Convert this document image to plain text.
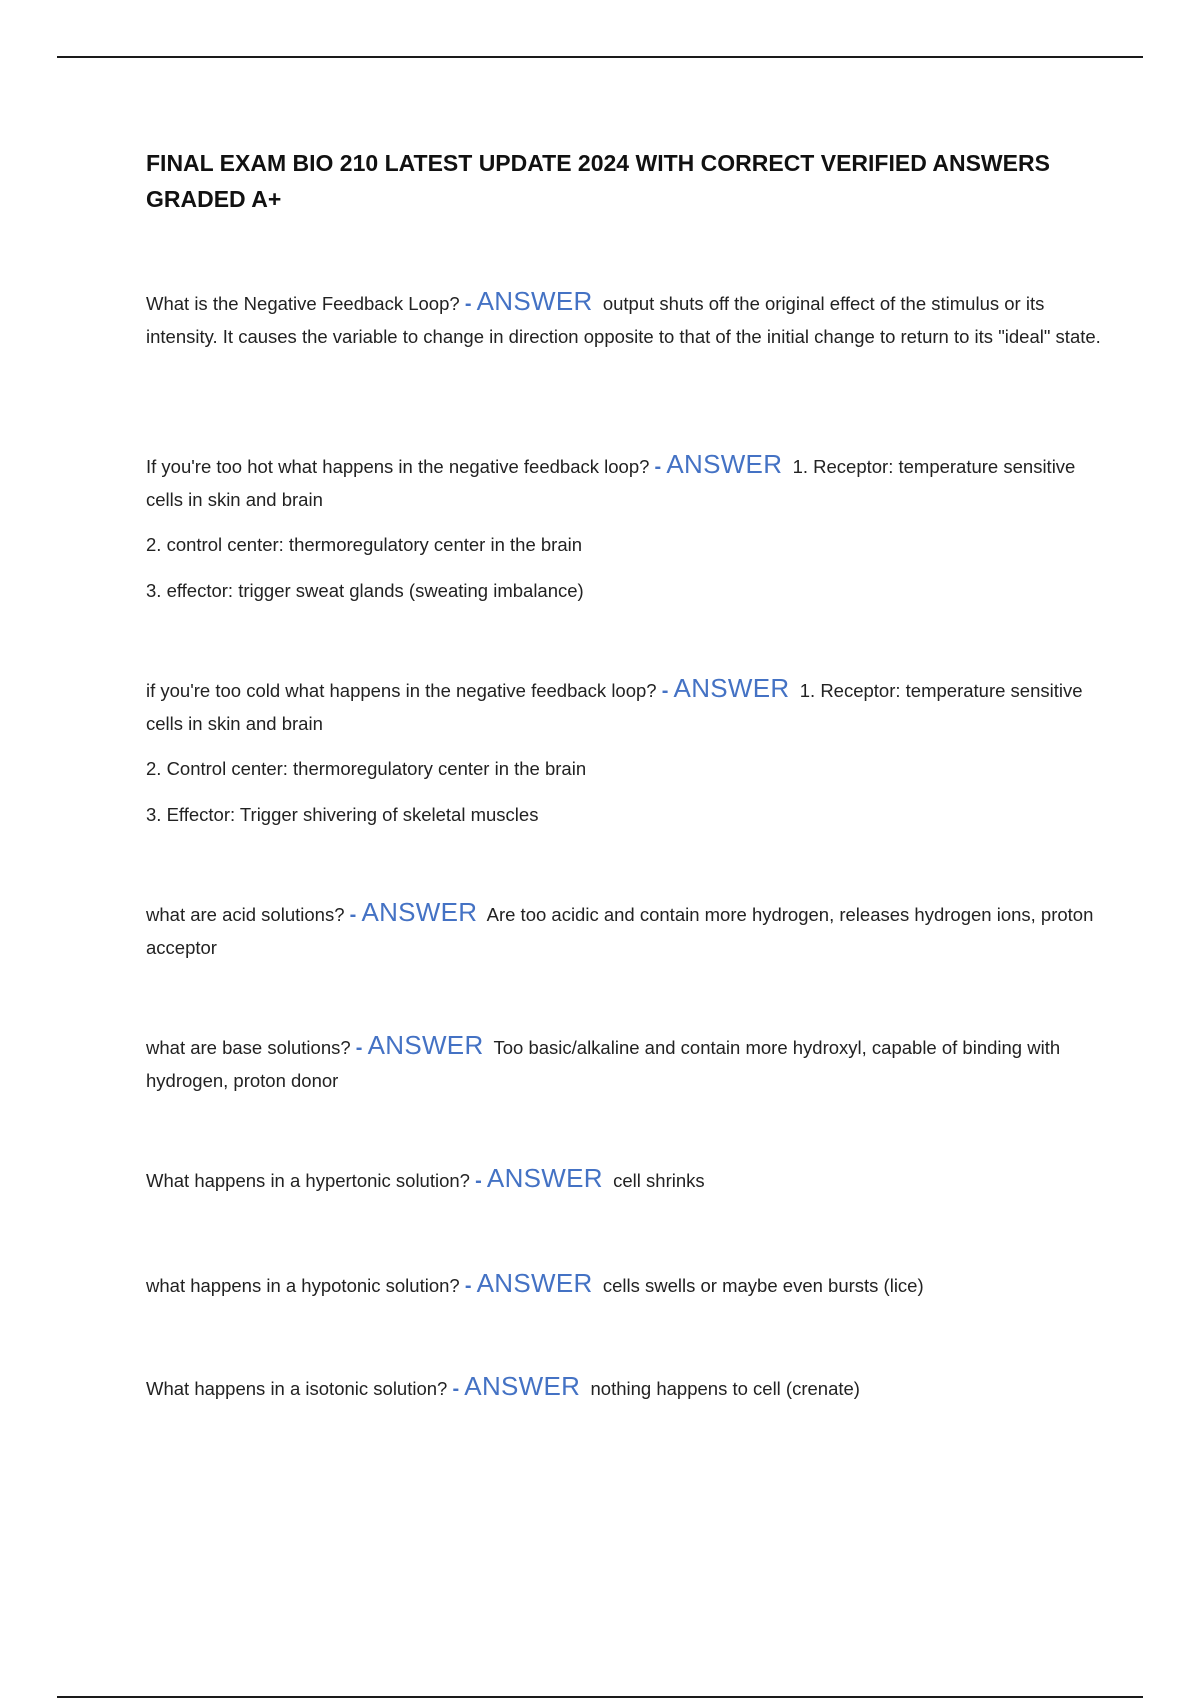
FINAL EXAM BIO 210 LATEST UPDATE 2024 WITH CORRECT VERIFIED ANSWERS GRADED A+
What is the Negative Feedback Loop? - ANSWER output shuts off the original effect of the stimulus or its intensity. It causes the variable to change in direction opposite to that of the initial change to return to its "ideal" state.
If you're too hot what happens in the negative feedback loop? - ANSWER 1. Receptor: temperature sensitive cells in skin and brain
2. control center: thermoregulatory center in the brain
3. effector: trigger sweat glands (sweating imbalance)
if you're too cold what happens in the negative feedback loop? - ANSWER 1. Receptor: temperature sensitive cells in skin and brain
2. Control center: thermoregulatory center in the brain
3. Effector: Trigger shivering of skeletal muscles
what are acid solutions? - ANSWER Are too acidic and contain more hydrogen, releases hydrogen ions, proton acceptor
what are base solutions? - ANSWER Too basic/alkaline and contain more hydroxyl, capable of binding with hydrogen, proton donor
What happens in a hypertonic solution? - ANSWER cell shrinks
what happens in a hypotonic solution? - ANSWER cells swells or maybe even bursts (lice)
What happens in a isotonic solution? - ANSWER nothing happens to cell (crenate)
